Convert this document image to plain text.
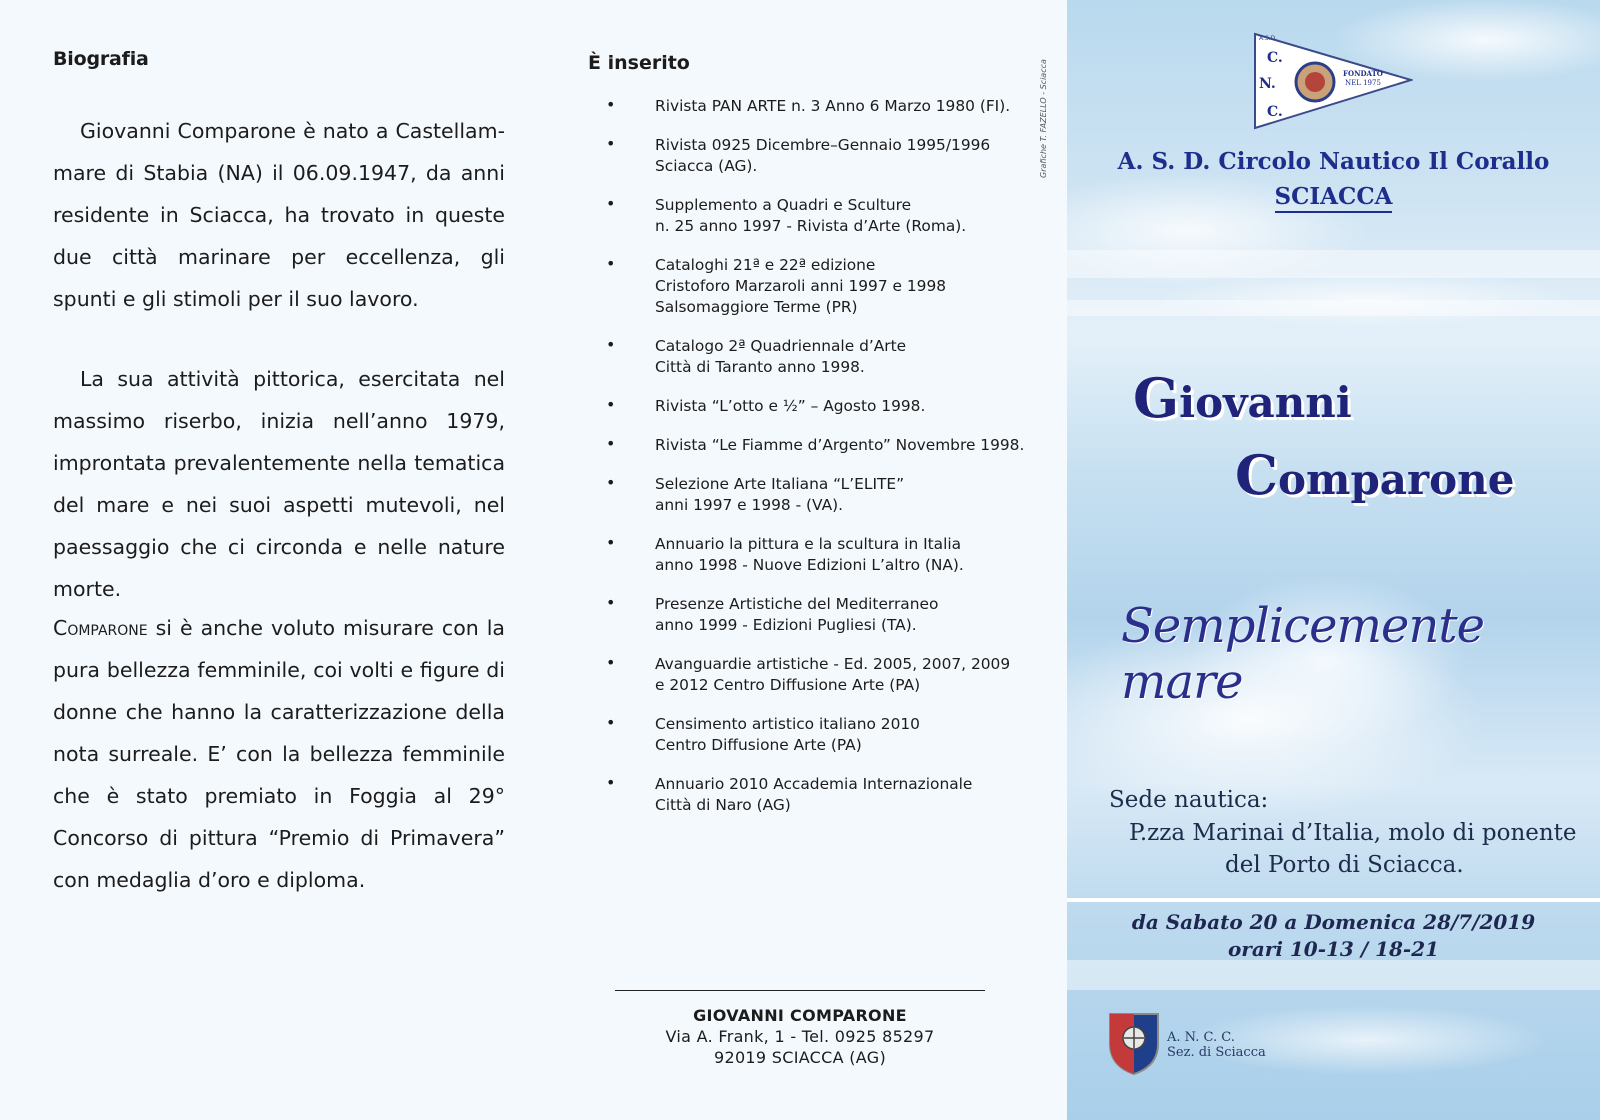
Biografia

Giovanni Comparone è nato a Castellammare di Stabia (NA) il 06.09.1947, da anni residente in Sciacca, ha trovato in queste due città marinare per eccellenza, gli spunti e gli stimoli per il suo lavoro.

La sua attività pittorica, esercitata nel massimo riserbo, inizia nell’anno 1979, improntata prevalentemente nella tematica del mare e nei suoi aspetti mutevoli, nel paessaggio che ci circonda e nelle nature morte.

Comparone si è anche voluto misurare con la pura bellezza femminile, coi volti e figure di donne che hanno la caratterizzazione della nota surreale. E’ con la bellezza femminile che è stato premiato in Foggia al 29° Concorso di pittura “Premio di Primavera” con medaglia d’oro e diploma.

È inserito
•	Rivista PAN ARTE n. 3 Anno 6 Marzo 1980 (FI).
•	Rivista 0925 Dicembre–Gennaio 1995/1996
Sciacca (AG).
•	Supplemento a Quadri e Sculture
n. 25 anno 1997 - Rivista d’Arte (Roma).
•	Cataloghi 21ª e 22ª edizione
Cristoforo Marzaroli anni 1997 e 1998
Salsomaggiore Terme (PR)
•	Catalogo 2ª Quadriennale d’Arte
Città di Taranto anno 1998.
•	Rivista “L’otto e ½” – Agosto 1998.
•	Rivista “Le Fiamme d’Argento” Novembre 1998.
•	Selezione Arte Italiana “L’ELITE”
anni 1997 e 1998 - (VA).
•	Annuario la pittura e la scultura in Italia
anno 1998 - Nuove Edizioni L’altro (NA).
•	Presenze Artistiche del Mediterraneo
anno 1999 - Edizioni Pugliesi (TA).
•	Avanguardie artistiche - Ed. 2005, 2007, 2009
e 2012 Centro Diffusione Arte (PA)
•	Censimento artistico italiano 2010
Centro Diffusione Arte (PA)
•	Annuario 2010 Accademia Internazionale
Città di Naro (AG)
GIOVANNI COMPARONE
Via A. Frank, 1 - Tel. 0925 85297
92019 SCIACCA (AG)
Grafiche T. FAZELLO - Sciacca
A.S.D.
C.
N.
C.
FONDATO
NEL 1975
A. S. D. Circolo Nautico Il Corallo
SCIACCA
Giovanni
Comparone
Semplicemente mare
Sede nautica:
P.zza Marinai d’Italia, molo di ponente
del Porto di Sciacca.
da Sabato 20 a Domenica 28/7/2019
orari 10-13 / 18-21
A. N. C. C.
Sez. di Sciacca
